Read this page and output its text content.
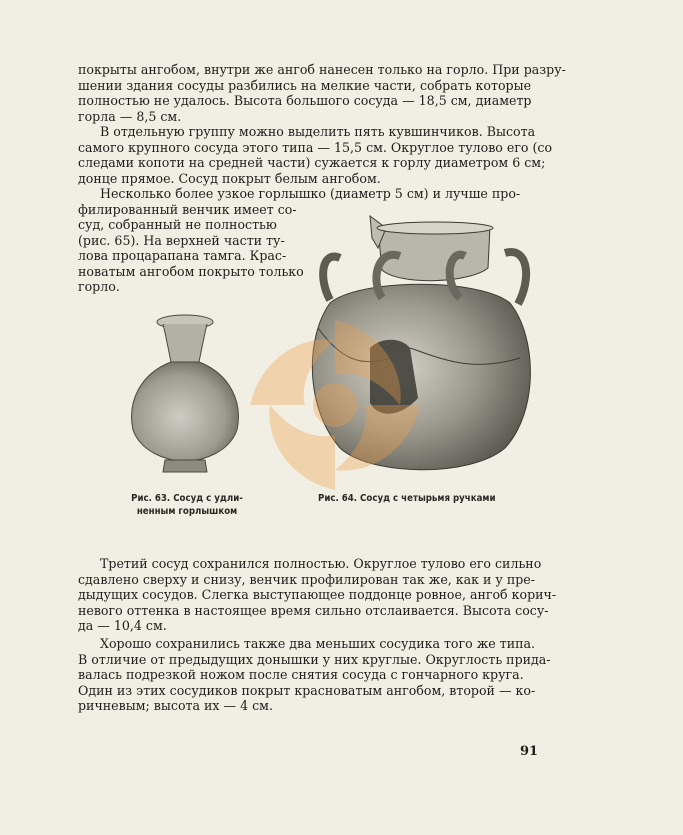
покрыты ангобом, внутри же ангоб нанесен только на горло. При разру-
шении здания сосуды разбились на мелкие части, собрать которые
полностью не удалось. Высота большого сосуда — 18,5 см, диаметр
горла — 8,5 см.

В отдельную группу можно выделить пять кувшинчиков. Высота
самого крупного сосуда этого типа — 15,5 см. Округлое тулово его (со
следами копоти на средней части) сужается к горлу диаметром 6 см;
донце прямое. Сосуд покрыт белым ангобом.

Несколько более узкое горлышко (диаметр 5 см) и лучше про-

филированный венчик имеет со-
суд, собранный не полностью
(рис. 65). На верхней части ту-
лова процарапана тамга. Крас-
новатым ангобом покрыто только
горло.

Рис. 63. Сосуд с удли-
ненным горлышком
Рис. 64. Сосуд с четырьмя ручками

Третий сосуд сохранился полностью. Округлое тулово его сильно
сдавлено сверху и снизу, венчик профилирован так же, как и у пре-
дыдущих сосудов. Слегка выступающее поддонце ровное, ангоб корич-
невого оттенка в настоящее время сильно отслаивается. Высота сосу-
да — 10,4 см.

Хорошо сохранились также два меньших сосудика того же типа.
В отличие от предыдущих донышки у них круглые. Округлость прида-
валась подрезкой ножом после снятия сосуда с гончарного круга.
Один из этих сосудиков покрыт красноватым ангобом, второй — ко-
ричневым; высота их — 4 см.

91
